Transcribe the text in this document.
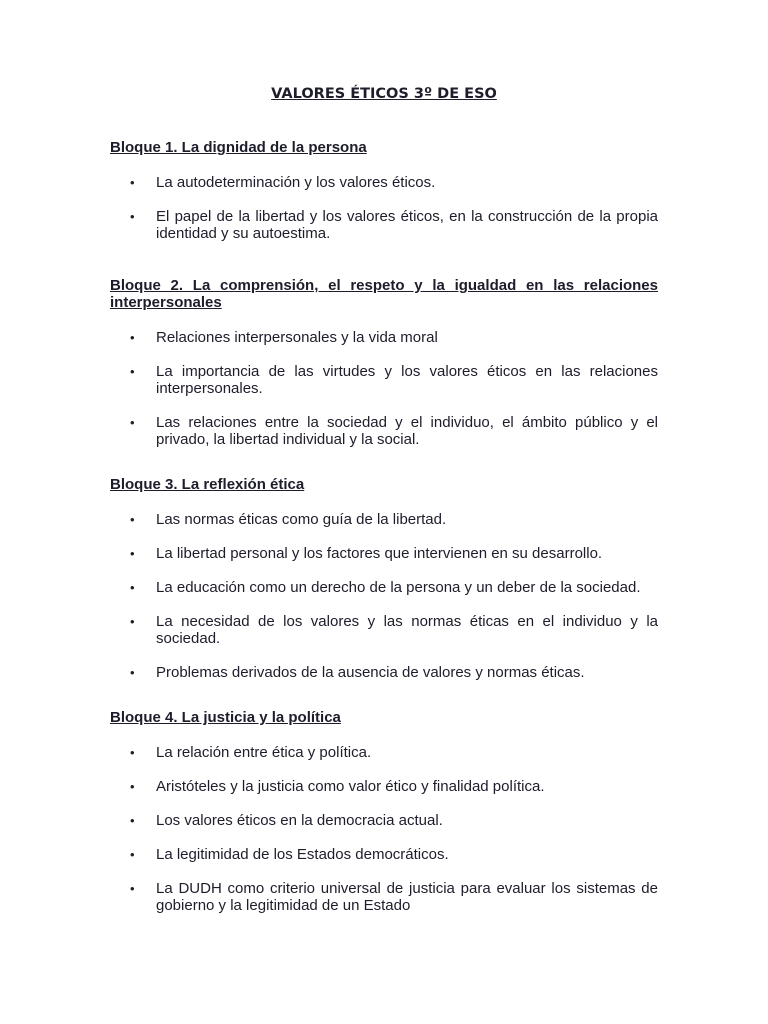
VALORES ÉTICOS 3º DE ESO
Bloque 1. La dignidad de la persona
• La autodeterminación y los valores éticos.
• El papel de la libertad y los valores éticos, en la construcción de la propia identidad y su autoestima.
Bloque 2. La comprensión, el respeto y la igualdad en las relaciones interpersonales
• Relaciones interpersonales y la vida moral
• La importancia de las virtudes y los valores éticos en las relaciones interpersonales.
• Las relaciones entre la sociedad y el individuo, el ámbito público y el privado, la libertad individual y la social.
Bloque 3. La reflexión ética
• Las normas éticas como guía de la libertad.
• La libertad personal y los factores que intervienen en su desarrollo.
• La educación como un derecho de la persona y un deber de la sociedad.
• La necesidad de los valores y las normas éticas en el individuo y la sociedad.
• Problemas derivados de la ausencia de valores y normas éticas.
Bloque 4. La justicia y la política
• La relación entre ética y política.
• Aristóteles y la justicia como valor ético y finalidad política.
• Los valores éticos en la democracia actual.
• La legitimidad de los Estados democráticos.
• La DUDH como criterio universal de justicia para evaluar los sistemas de gobierno y la legitimidad de un Estado
